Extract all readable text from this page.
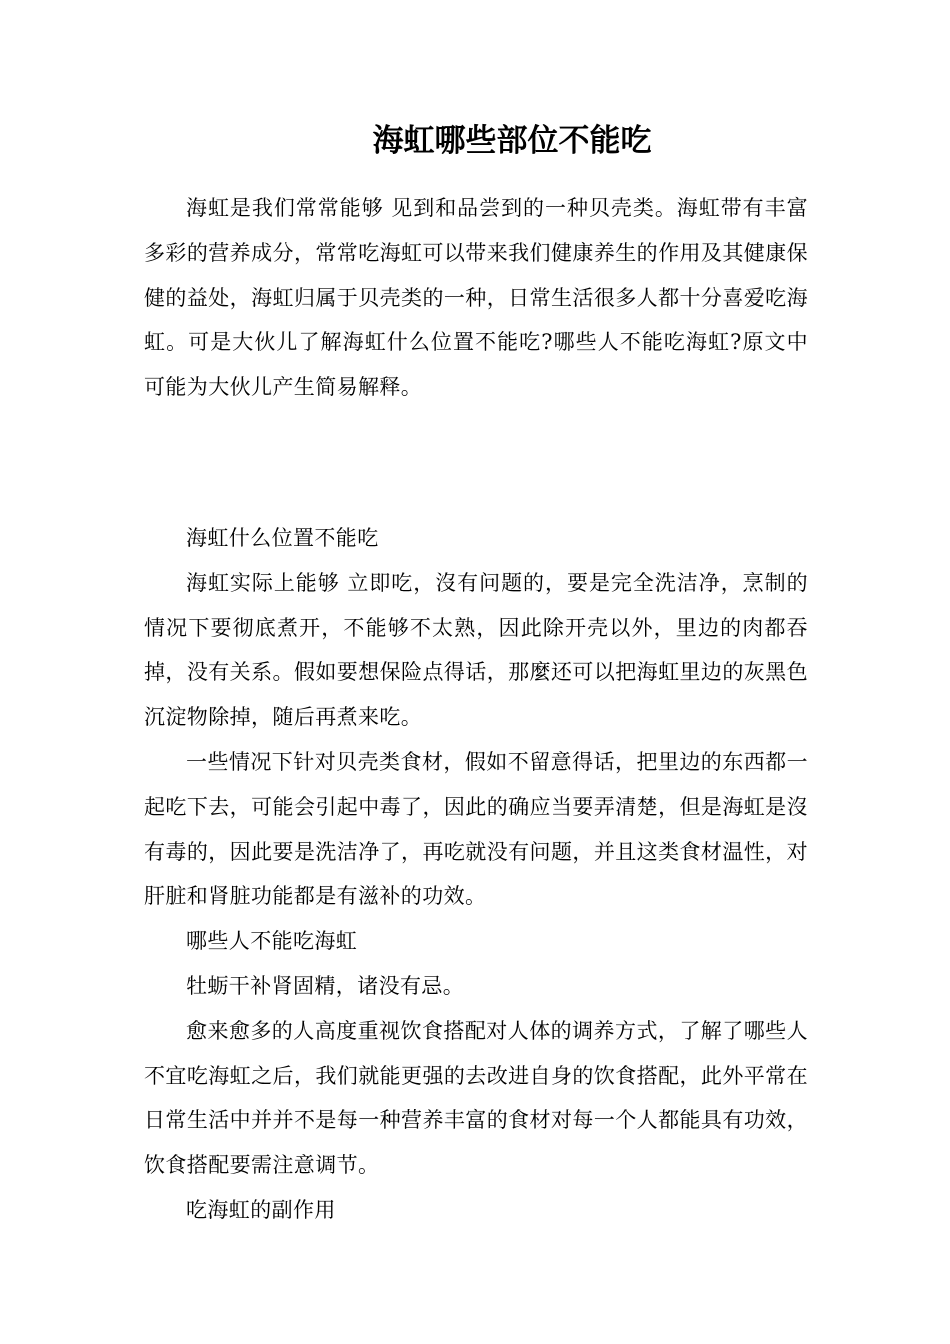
海虹哪些部位不能吃

海虹是我们常常能够 见到和品尝到的一种贝壳类。海虹带有丰富多彩的营养成分，常常吃海虹可以带来我们健康养生的作用及其健康保健的益处，海虹归属于贝壳类的一种，日常生活很多人都十分喜爱吃海虹。可是大伙儿了解海虹什么位置不能吃?哪些人不能吃海虹?原文中可能为大伙儿产生简易解释。

海虹什么位置不能吃

海虹实际上能够 立即吃，沒有问题的，要是完全洗洁净，烹制的情况下要彻底煮开，不能够不太熟，因此除开壳以外，里边的肉都吞掉，没有关系。假如要想保险点得话，那麼还可以把海虹里边的灰黑色沉淀物除掉，随后再煮来吃。

一些情况下针对贝壳类食材，假如不留意得话，把里边的东西都一起吃下去，可能会引起中毒了，因此的确应当要弄清楚，但是海虹是沒有毒的，因此要是洗洁净了，再吃就没有问题，并且这类食材温性，对肝脏和肾脏功能都是有滋补的功效。

哪些人不能吃海虹

牡蛎干补肾固精，诸没有忌。

愈来愈多的人高度重视饮食搭配对人体的调养方式，了解了哪些人不宜吃海虹之后，我们就能更强的去改进自身的饮食搭配，此外平常在日常生活中并并不是每一种营养丰富的食材对每一个人都能具有功效，饮食搭配要需注意调节。

吃海虹的副作用
